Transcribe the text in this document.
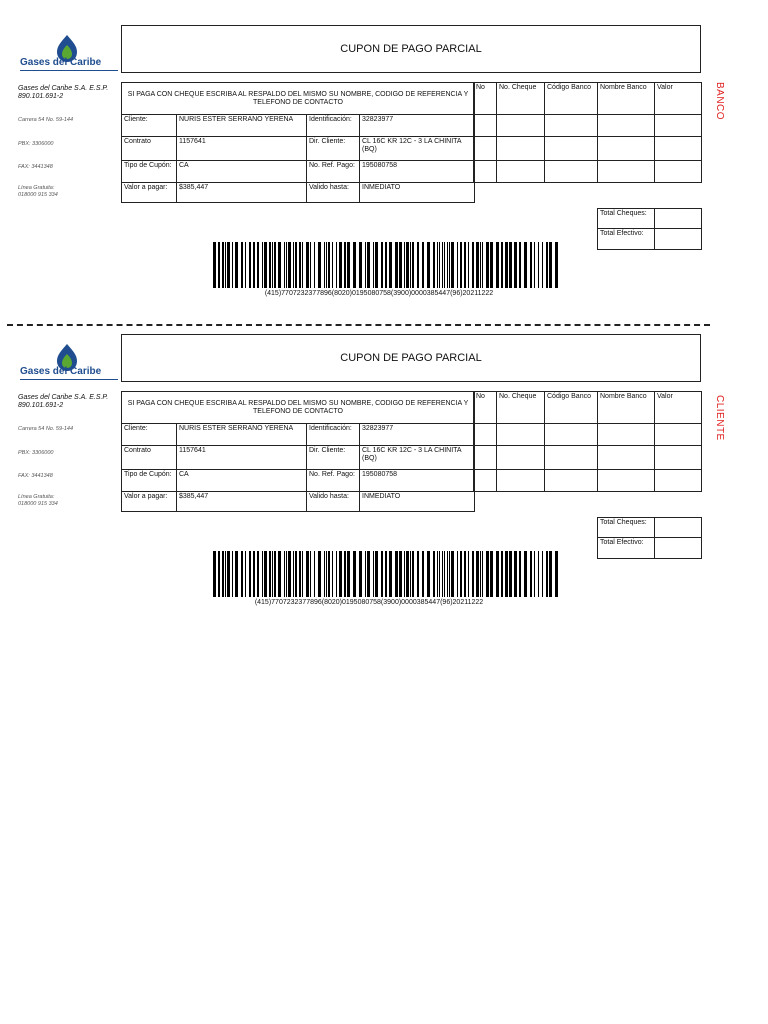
Gases del Caribe
CUPON DE PAGO PARCIAL
Gases del Caribe S.A. E.S.P.
890.101.691-2
Carrera 54 No. 59-144
PBX: 3306000
FAX: 3441348
Línea Gratuita:
018000 915 334
SI PAGA CON CHEQUE ESCRIBA AL RESPALDO DEL MISMO SU NOMBRE, CODIGO DE REFERENCIA Y TELEFONO DE CONTACTO			
Cliente:	NURIS ESTER SERRANO YERENA	Identificación:	32823977
Contrato	1157641	Dir. Cliente:	CL 16C KR 12C - 3 LA CHINITA (BQ)
Tipo de Cupón:	CA	No. Ref. Pago:	195080758
Valor a pagar:	$385,447	Valido hasta:	INMEDIATO
No	No. Cheque	Código Banco	Nombre Banco	Valor

Total Cheques:	
Total Efectivo:	
BANCO
(415)7707232377896(8020)0195080758(3900)0000385447(96)20211222
Gases del Caribe
CUPON DE PAGO PARCIAL
Gases del Caribe S.A. E.S.P.
890.101.691-2
Carrera 54 No. 59-144
PBX: 3306000
FAX: 3441348
Línea Gratuita:
018000 915 334
SI PAGA CON CHEQUE ESCRIBA AL RESPALDO DEL MISMO SU NOMBRE, CODIGO DE REFERENCIA Y TELEFONO DE CONTACTO			
Cliente:	NURIS ESTER SERRANO YERENA	Identificación:	32823977
Contrato	1157641	Dir. Cliente:	CL 16C KR 12C - 3 LA CHINITA (BQ)
Tipo de Cupón:	CA	No. Ref. Pago:	195080758
Valor a pagar:	$385,447	Valido hasta:	INMEDIATO
No	No. Cheque	Código Banco	Nombre Banco	Valor

Total Cheques:	
Total Efectivo:	
CLIENTE
(415)7707232377896(8020)0195080758(3900)0000385447(96)20211222
